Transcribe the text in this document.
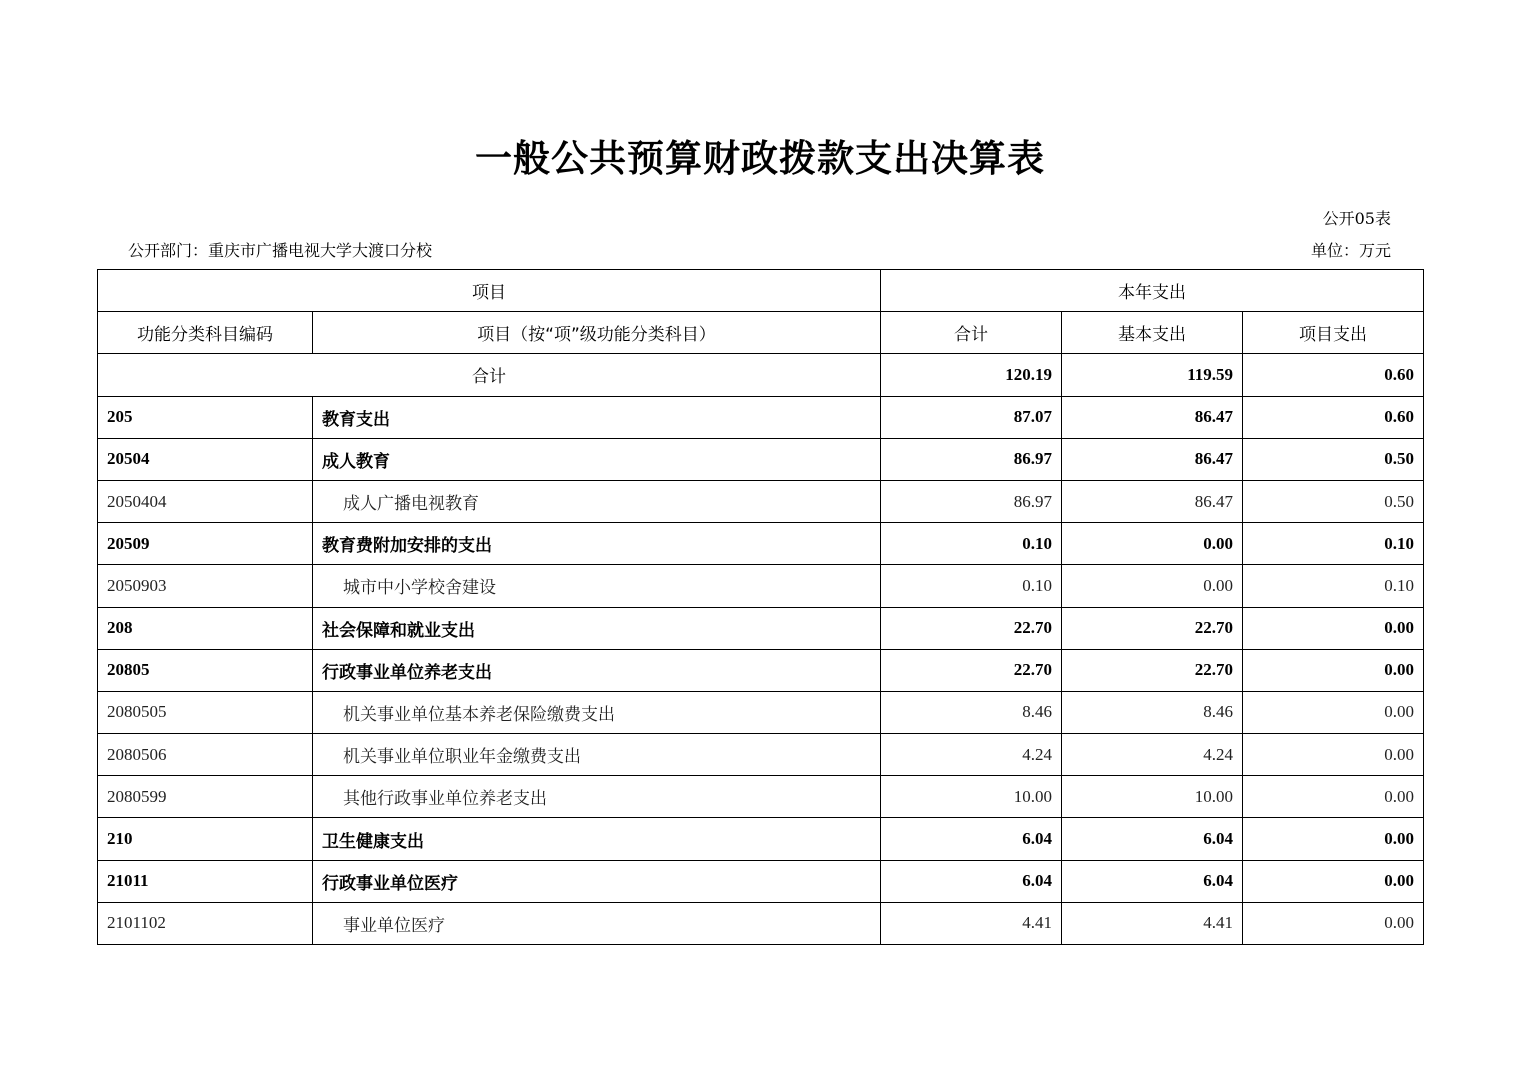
一般公共预算财政拨款支出决算表
公开05表
公开部门：重庆市广播电视大学大渡口分校	单位：万元
项目		本年支出		
功能分类科目编码	项目（按“项”级功能分类科目）	合计	基本支出	项目支出
合计		120.19	119.59	0.60
205	教育支出	87.07	86.47	0.60
20504	成人教育	86.97	86.47	0.50
2050404	成人广播电视教育	86.97	86.47	0.50
20509	教育费附加安排的支出	0.10	0.00	0.10
2050903	城市中小学校舍建设	0.10	0.00	0.10
208	社会保障和就业支出	22.70	22.70	0.00
20805	行政事业单位养老支出	22.70	22.70	0.00
2080505	机关事业单位基本养老保险缴费支出	8.46	8.46	0.00
2080506	机关事业单位职业年金缴费支出	4.24	4.24	0.00
2080599	其他行政事业单位养老支出	10.00	10.00	0.00
210	卫生健康支出	6.04	6.04	0.00
21011	行政事业单位医疗	6.04	6.04	0.00
2101102	事业单位医疗	4.41	4.41	0.00
